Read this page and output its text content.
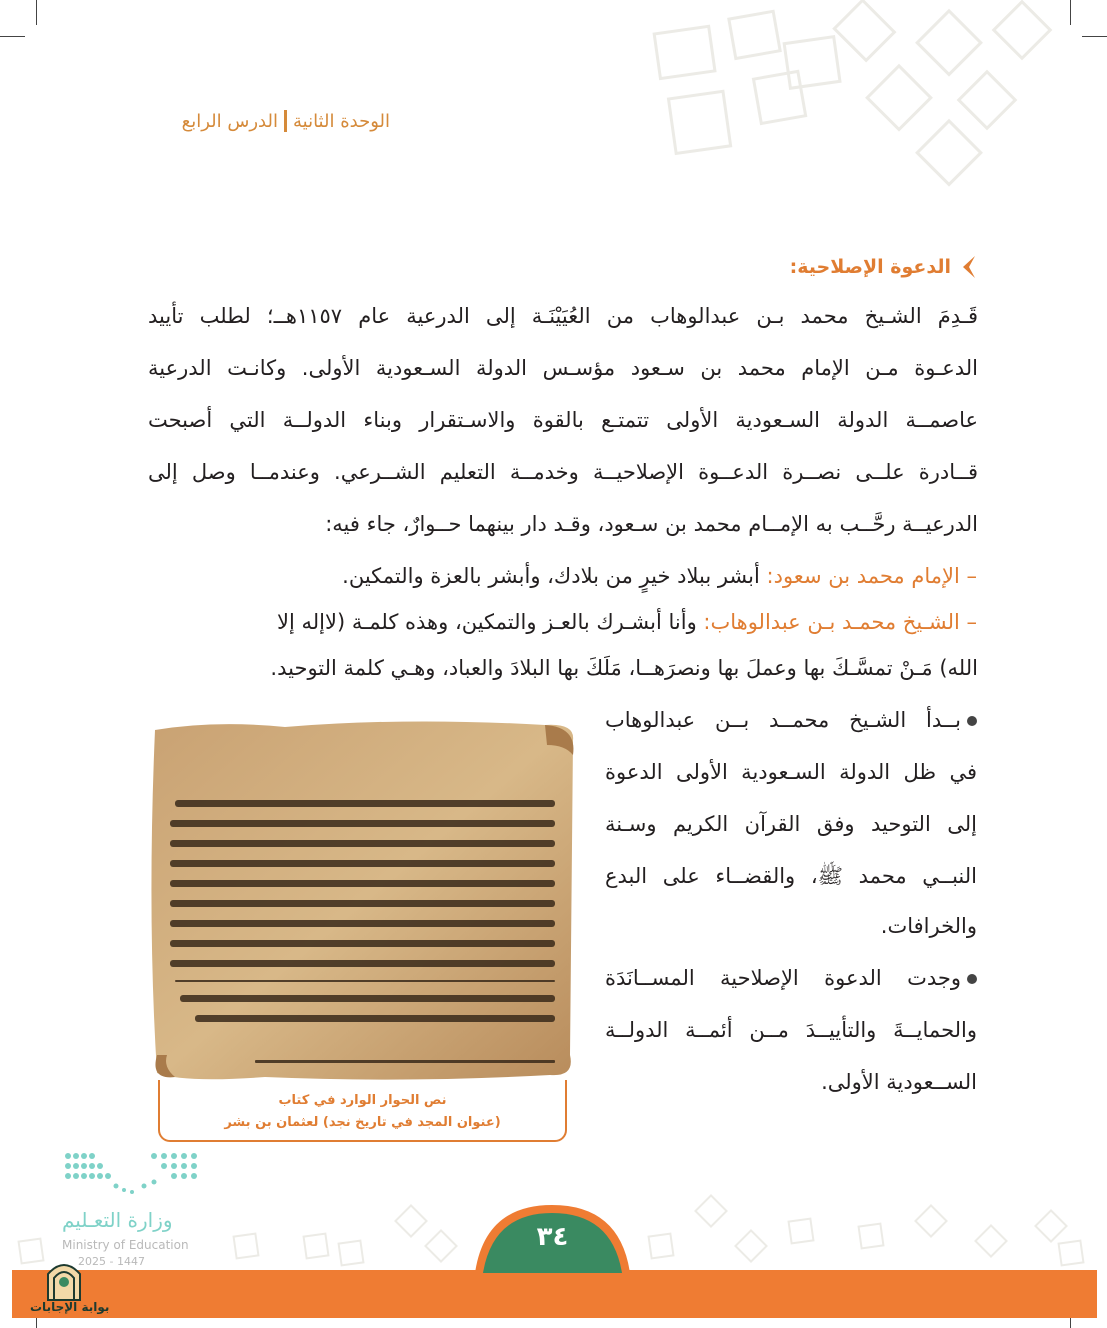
الوحدة الثانية
الدرس الرابع
الدعوة الإصلاحية:
قَـدِمَ الشـيخ محمد بـن عبدالوهاب من العُيَيْنَـة إلى الدرعية عام ١١٥٧هــ؛ لطلب تأييد
الدعـوة مـن الإمام محمد بن سـعود مؤسـس الدولة السـعودية الأولى. وكانـت الدرعية
عاصمــة الدولة السـعودية الأولى تتمتـع بالقوة والاسـتقرار وبناء الدولــة التي أصبحت
قــادرة علــى نصــرة الدعــوة الإصلاحيــة وخدمــة التعليم الشــرعي. وعندمــا وصل إلى
الدرعيــة رحَّــب به الإمــام محمد بن سـعود، وقـد دار بينهما حــوارٌ، جاء فيه:
– الإمام محمد بن سعود: أبشر ببلاد خيرٍ من بلادك، وأبشر بالعزة والتمكين.
– الشـيخ محمـد بـن عبدالوهاب: وأنا أبشـرك بالعـز والتمكين، وهذه كلمـة (لاإله إلا
الله) مَـنْ تمسَّـكَ بها وعملَ بها ونصرَهــا، مَلَكَ بها البلادَ والعباد، وهـي كلمة التوحيد.
بــدأ الشـيخ محمــد بــن عبدالوهاب
في ظل الدولة السـعودية الأولى الدعوة
إلى التوحيد وفق القرآن الكريم وسـنة
النبــي محمد ﷺ، والقضــاء على البدع
والخرافات.
وجدت الدعوة الإصلاحية المســانَدَة
والحمايــةَ والتأييــدَ مــن أئمــة الدولــة
الســعودية الأولى.
نص الحوار الوارد في كتاب
(عنوان المجد في تاريخ نجد) لعثمان بن بشر
٣٤
وزارة التعـليم
Ministry of Education
2025 - 1447
بوابة الإجابات
